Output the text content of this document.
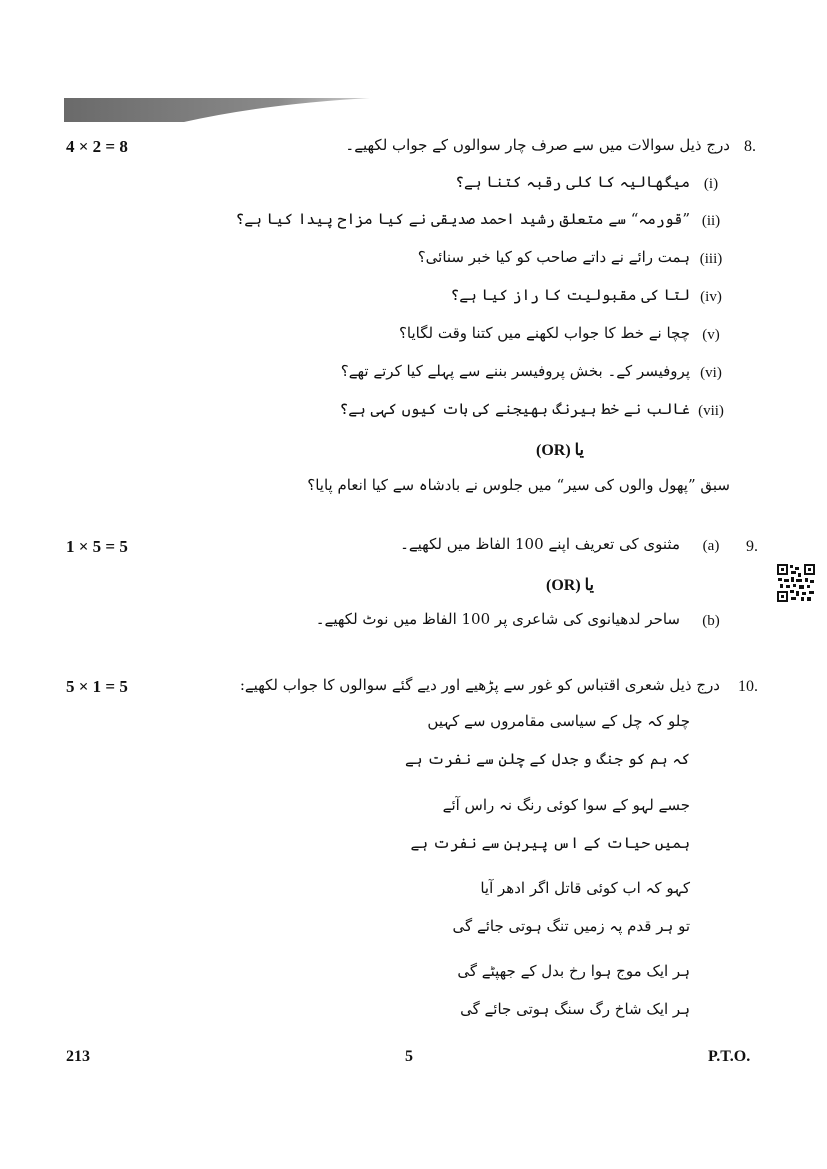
4 × 2 = 8	8.
درج ذیل سوالات میں سے صرف چار سوالوں کے جواب لکھیے۔
(i)
میگھالیہ کا کلی رقبہ کتنا ہے؟
(ii)
”قورمہ“ سے متعلق رشید احمد صدیقی نے کیا مزاح پیدا کیا ہے؟
(iii)
ہمت رائے نے داتے صاحب کو کیا خبر سنائی؟
(iv)
لتا کی مقبولیت کا راز کیا ہے؟
(v)
چچا نے خط کا جواب لکھنے میں کتنا وقت لگایا؟
(vi)
پروفیسر کے۔ بخش پروفیسر بننے سے پہلے کیا کرتے تھے؟
(vii)
غالب نے خط بیرنگ بھیجنے کی بات کیوں کہی ہے؟
یا (OR)
سبق ”پھول والوں کی سیر“ میں جلوس نے بادشاہ سے کیا انعام پایا؟
1 × 5 = 5	9.
(a)
مثنوی کی تعریف اپنے 100 الفاظ میں لکھیے۔
یا (OR)
(b)
ساحر لدھیانوی کی شاعری پر 100 الفاظ میں نوٹ لکھیے۔
5 × 1 = 5	10.
درج ذیل شعری اقتباس کو غور سے پڑھیے اور دیے گئے سوالوں کا جواب لکھیے:
چلو کہ چل کے سیاسی مقامروں سے کہیں
کہ ہم کو جنگ و جدل کے چلن سے نفرت ہے
جسے لہو کے سوا کوئی رنگ نہ راس آئے
ہمیں حیات کے اس پیرہن سے نفرت ہے
کہو کہ اب کوئی قاتل اگر ادھر آیا
تو ہر قدم پہ زمیں تنگ ہوتی جائے گی
ہر ایک موج ہوا رخ بدل کے جھپٹے گی
ہر ایک شاخ رگ سنگ ہوتی جائے گی
213	5	P.T.O.
